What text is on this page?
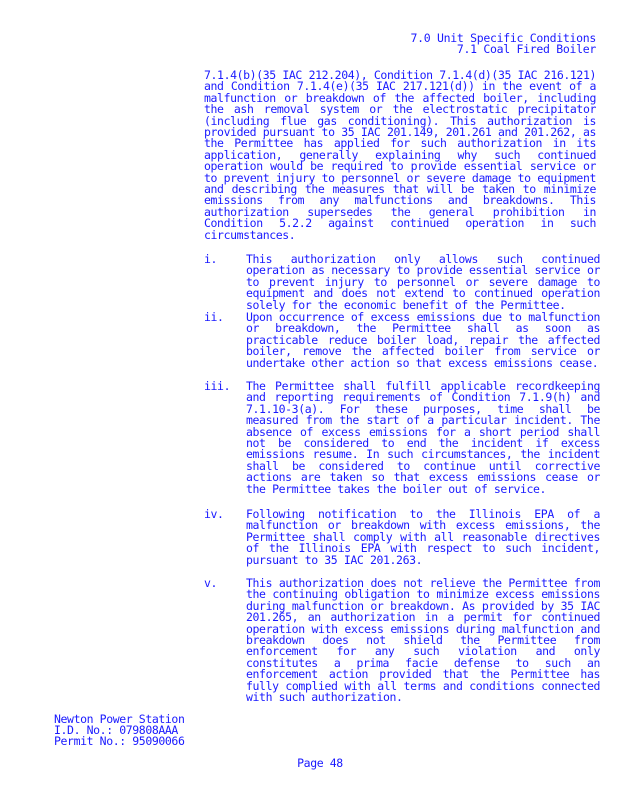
7.0 Unit Specific Conditions
7.1 Coal Fired Boiler
7.1.4(b)(35 IAC 212.204), Condition 7.1.4(d)(35 IAC 216.121) and Condition 7.1.4(e)(35 IAC 217.121(d)) in the event of a malfunction or breakdown of the affected boiler, including the ash removal system or the electrostatic precipitator (including flue gas conditioning). This authorization is provided pursuant to 35 IAC 201.149, 201.261 and 201.262, as the Permittee has applied for such authorization in its application, generally explaining why such continued operation would be required to provide essential service or to prevent injury to personnel or severe damage to equipment and describing the measures that will be taken to minimize emissions from any malfunctions and breakdowns. This authorization supersedes the general prohibition in Condition 5.2.2 against continued operation in such circumstances.
i.	This authorization only allows such continued operation as necessary to provide essential service or to prevent injury to personnel or severe damage to equipment and does not extend to continued operation solely for the economic benefit of the Permittee.
ii.	Upon occurrence of excess emissions due to malfunction or breakdown, the Permittee shall as soon as practicable reduce boiler load, repair the affected boiler, remove the affected boiler from service or undertake other action so that excess emissions cease.
iii.	The Permittee shall fulfill applicable recordkeeping and reporting requirements of Condition 7.1.9(h) and 7.1.10-3(a). For these purposes, time shall be measured from the start of a particular incident. The absence of excess emissions for a short period shall not be considered to end the incident if excess emissions resume. In such circumstances, the incident shall be considered to continue until corrective actions are taken so that excess emissions cease or the Permittee takes the boiler out of service.
iv.	Following notification to the Illinois EPA of a malfunction or breakdown with excess emissions, the Permittee shall comply with all reasonable directives of the Illinois EPA with respect to such incident, pursuant to 35 IAC 201.263.
v.	This authorization does not relieve the Permittee from the continuing obligation to minimize excess emissions during malfunction or breakdown. As provided by 35 IAC 201.265, an authorization in a permit for continued operation with excess emissions during malfunction and breakdown does not shield the Permittee from enforcement for any such violation and only constitutes a prima facie defense to such an enforcement action provided that the Permittee has fully complied with all terms and conditions connected with such authorization.
Newton Power Station
I.D. No.: 079808AAA
Permit No.: 95090066
Page 48
